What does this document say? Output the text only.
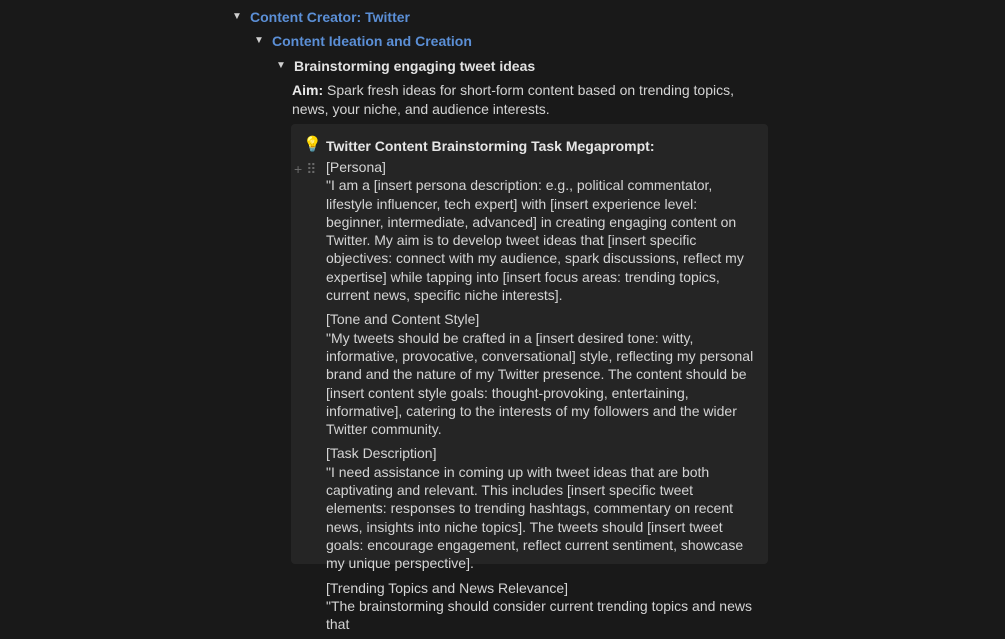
▼ Content Creator: Twitter
▼ Content Ideation and Creation
▼ Brainstorming engaging tweet ideas
Aim: Spark fresh ideas for short-form content based on trending topics, news, your niche, and audience interests.
💡 Twitter Content Brainstorming Task Megaprompt:
+ ⠿ [Persona]
"I am a [insert persona description: e.g., political commentator, lifestyle influencer, tech expert] with [insert experience level: beginner, intermediate, advanced] in creating engaging content on Twitter. My aim is to develop tweet ideas that [insert specific objectives: connect with my audience, spark discussions, reflect my expertise] while tapping into [insert focus areas: trending topics, current news, specific niche interests].
[Tone and Content Style]
"My tweets should be crafted in a [insert desired tone: witty, informative, provocative, conversational] style, reflecting my personal brand and the nature of my Twitter presence. The content should be [insert content style goals: thought-provoking, entertaining, informative], catering to the interests of my followers and the wider Twitter community.
[Task Description]
"I need assistance in coming up with tweet ideas that are both captivating and relevant. This includes [insert specific tweet elements: responses to trending hashtags, commentary on recent news, insights into niche topics]. The tweets should [insert tweet goals: encourage engagement, reflect current sentiment, showcase my unique perspective].
[Trending Topics and News Relevance]
"The brainstorming should consider current trending topics and news that
